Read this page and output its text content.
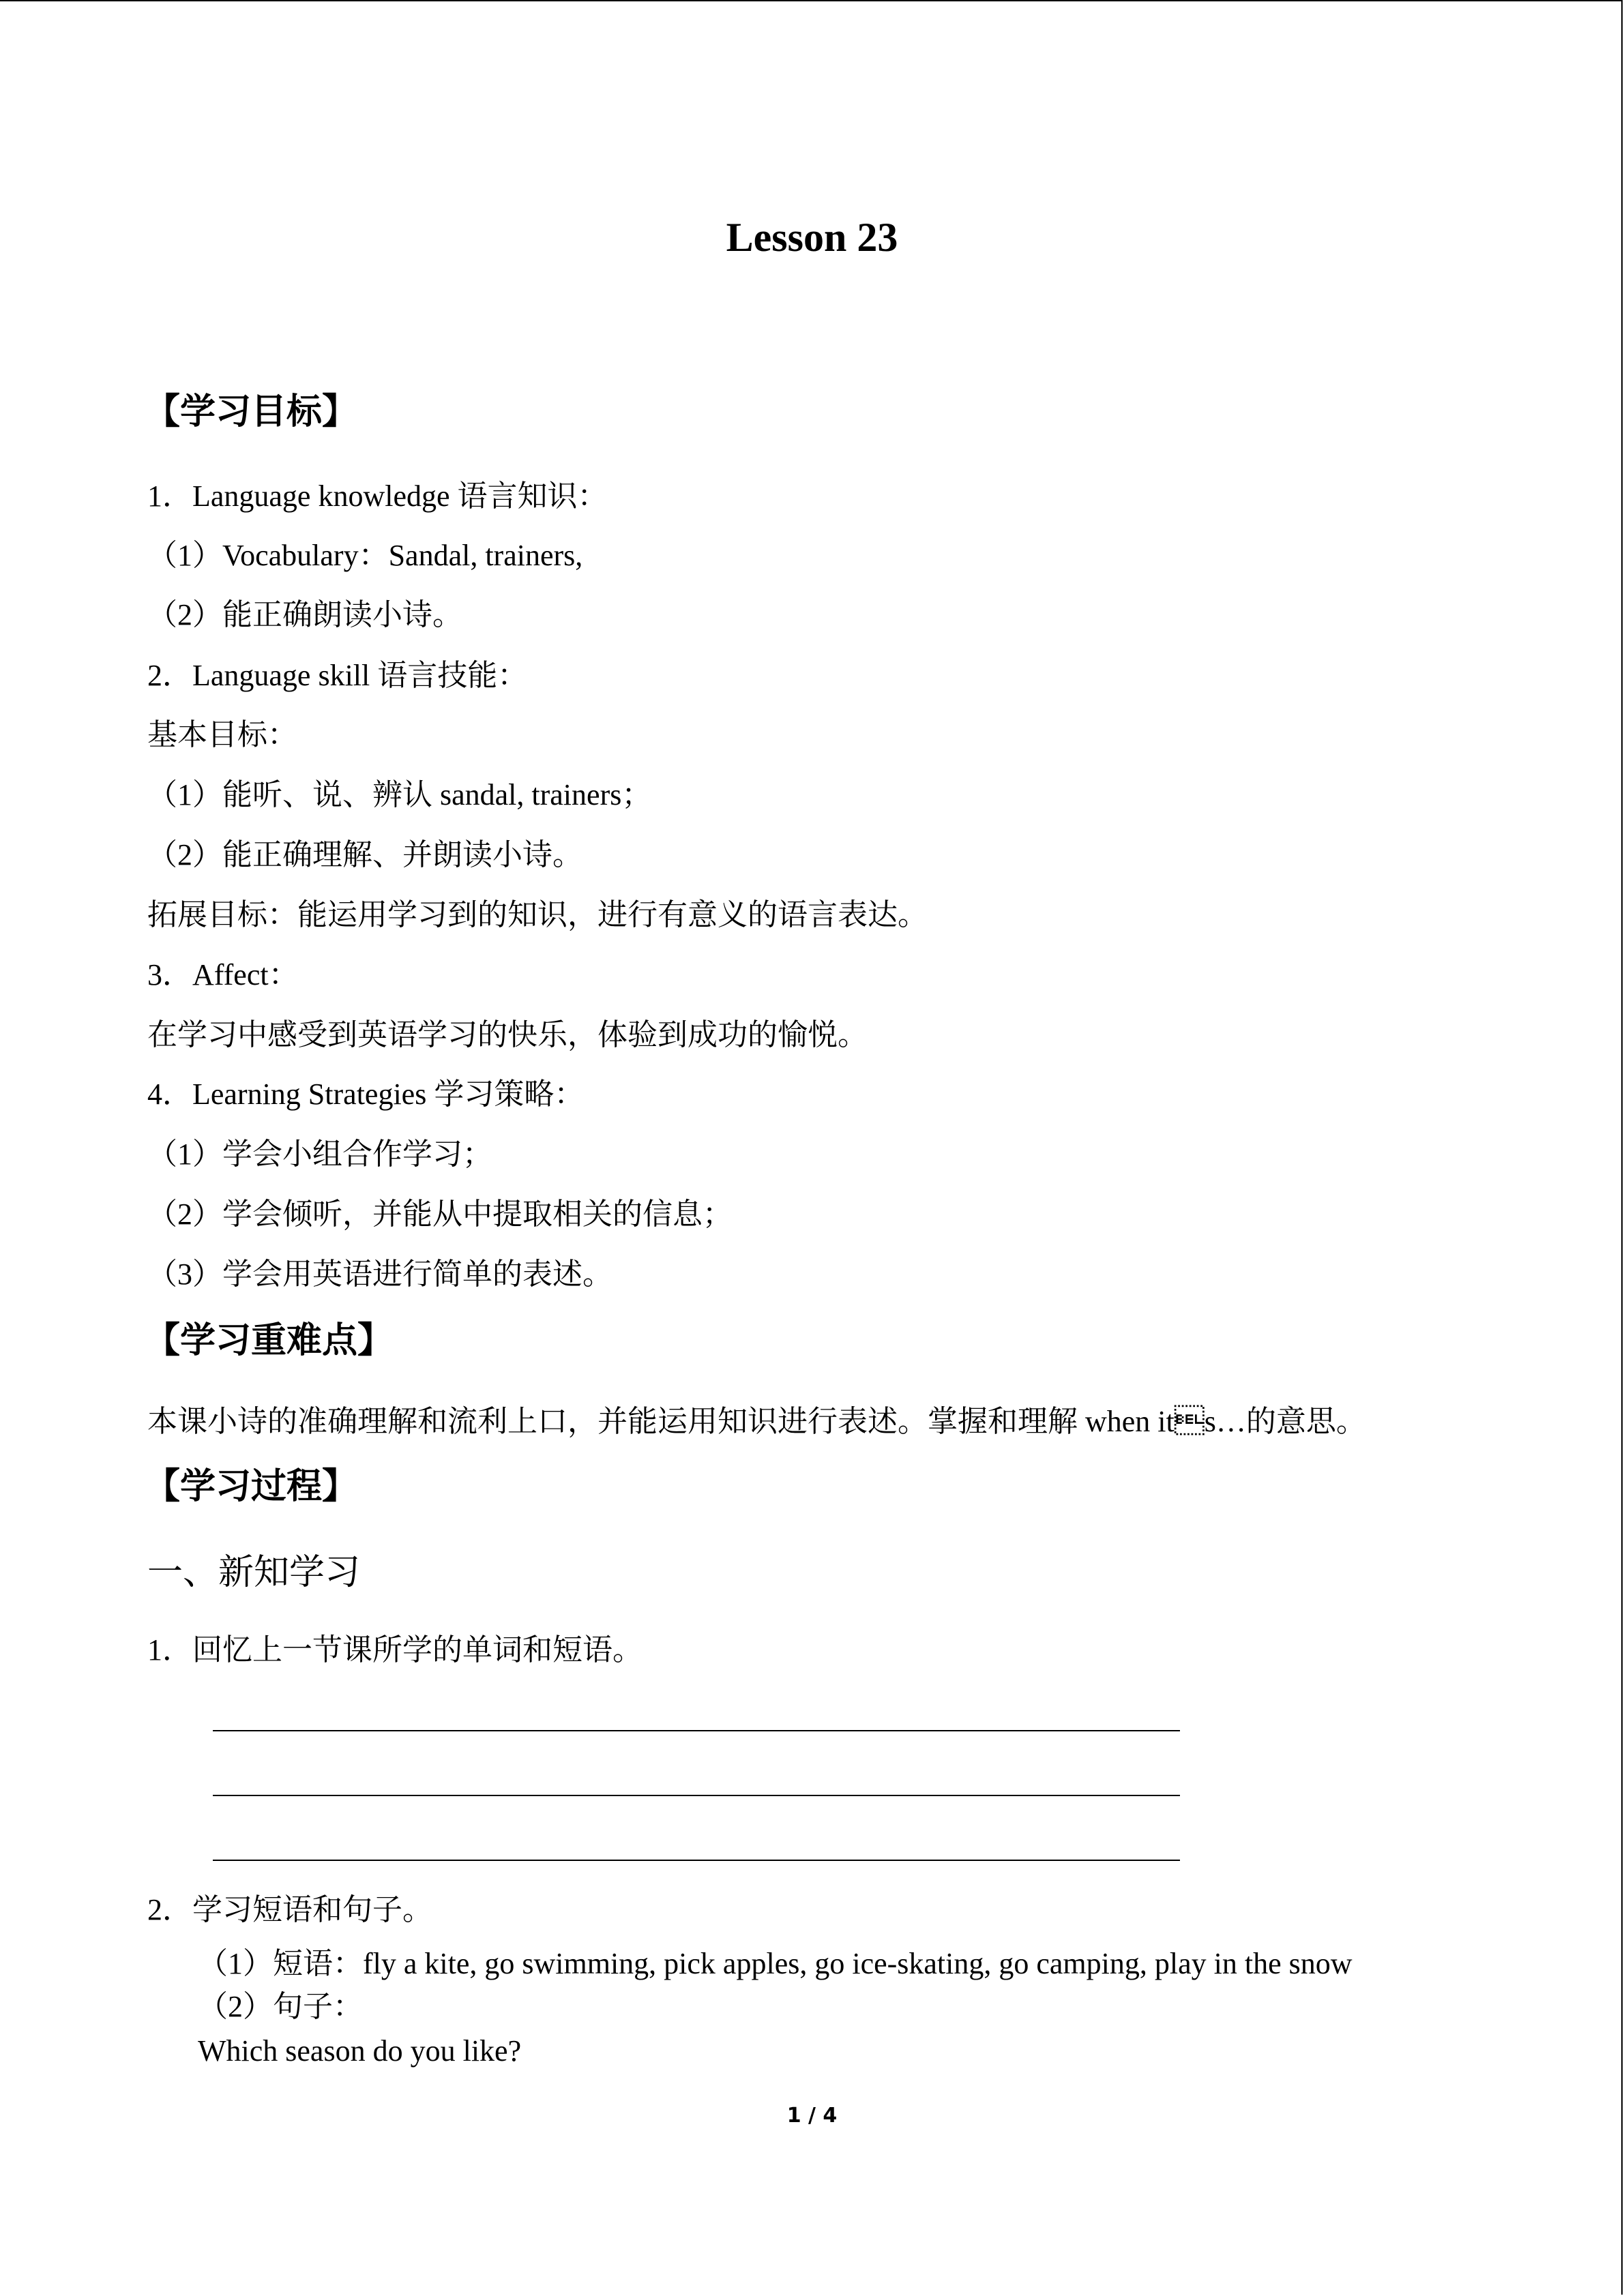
Lesson 23
【学习目标】
1．Language knowledge 语言知识：
（1）Vocabulary：Sandal, trainers,
（2）能正确朗读小诗。
2．Language skill 语言技能：
基本目标：
（1）能听、说、辨认 sandal, trainers；
（2）能正确理解、并朗读小诗。
拓展目标：能运用学习到的知识，进行有意义的语言表达。
3．Affect：
在学习中感受到英语学习的快乐，体验到成功的愉悦。
4．Learning Strategies 学习策略：
（1）学会小组合作学习；
（2）学会倾听，并能从中提取相关的信息；
（3）学会用英语进行简单的表述。
【学习重难点】
本课小诗的准确理解和流利上口，并能运用知识进行表述。掌握和理解 when its…的意思。
【学习过程】
一、新知学习
1．回忆上一节课所学的单词和短语。
2．学习短语和句子。
（1）短语：fly a kite, go swimming, pick apples, go ice-skating, go camping, play in the snow
（2）句子：
Which season do you like?
1 / 4
